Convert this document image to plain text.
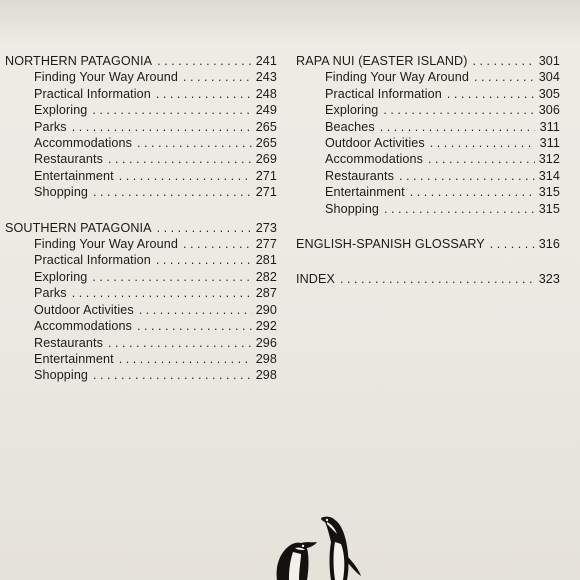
NORTHERN PATAGONIA . . .	241
Finding Your Way Around . . .	243
Practical Information . . .	248
Exploring . . .	249
Parks . . .	265
Accommodations . . .	265
Restaurants . . .	269
Entertainment . . .	271
Shopping . . .	271
SOUTHERN PATAGONIA . . .	273
Finding Your Way Around . . .	277
Practical Information . . .	281
Exploring . . .	282
Parks . . .	287
Outdoor Activities . . .	290
Accommodations . . .	292
Restaurants . . .	296
Entertainment . . .	298
Shopping . . .	298
RAPA NUI (EASTER ISLAND) . . .	301
Finding Your Way Around . . .	304
Practical Information . . .	305
Exploring . . .	306
Beaches . . .	311
Outdoor Activities . . .	311
Accommodations . . .	312
Restaurants . . .	314
Entertainment . . .	315
Shopping . . .	315
ENGLISH-SPANISH GLOSSARY . . .	316
INDEX . . .	323
